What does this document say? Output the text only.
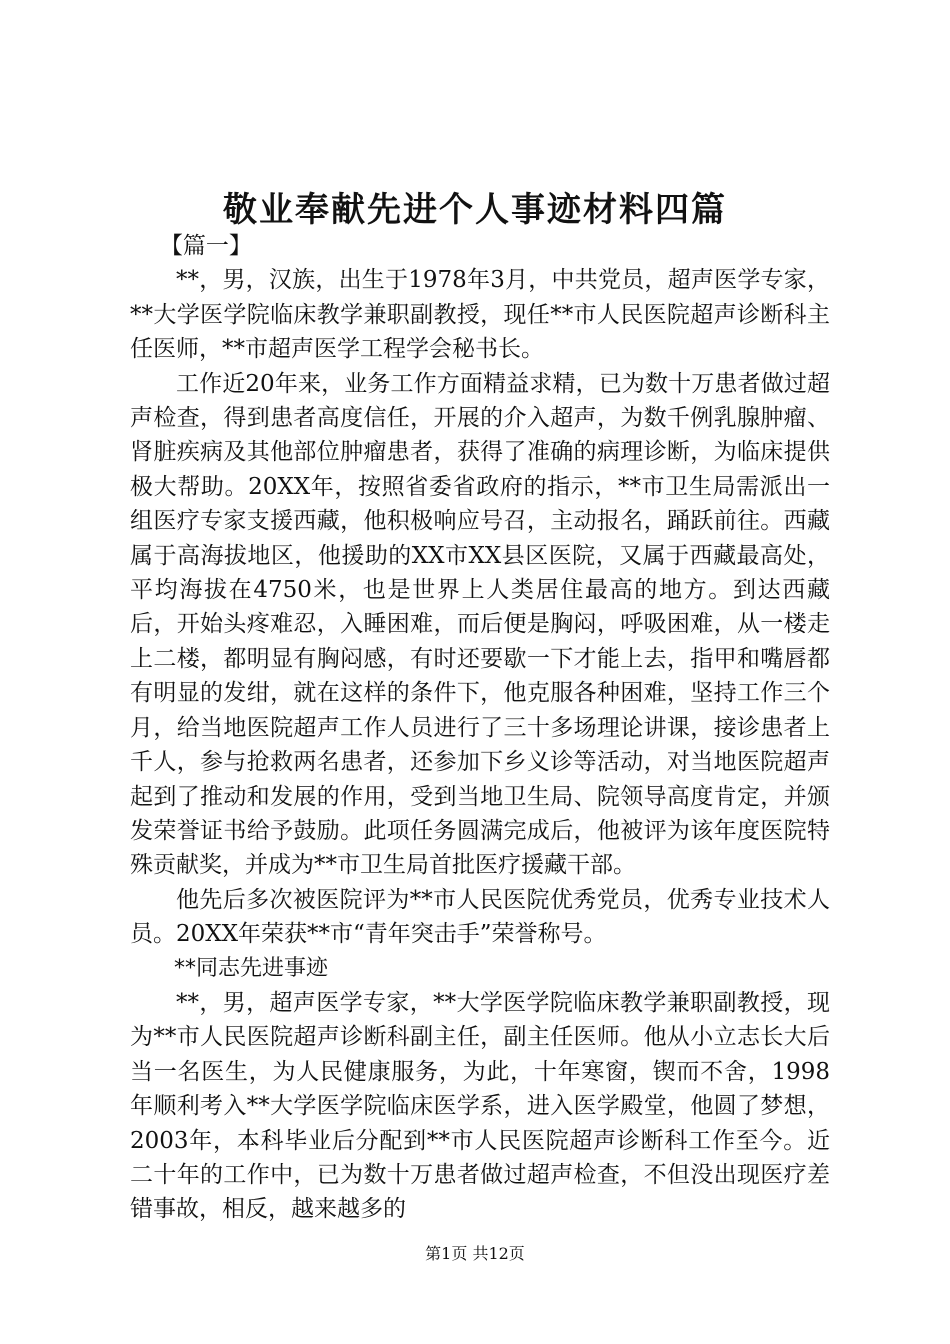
敬业奉献先进个人事迹材料四篇

【篇一】

**，男，汉族，出生于1978年3月，中共党员，超声医学专家，**大学医学院临床教学兼职副教授，现任**市人民医院超声诊断科主任医师，**市超声医学工程学会秘书长。

工作近20年来，业务工作方面精益求精，已为数十万患者做过超声检查，得到患者高度信任，开展的介入超声，为数千例乳腺肿瘤、肾脏疾病及其他部位肿瘤患者，获得了准确的病理诊断，为临床提供极大帮助。20XX年，按照省委省政府的指示，**市卫生局需派出一组医疗专家支援西藏，他积极响应号召，主动报名，踊跃前往。西藏属于高海拔地区，他援助的XX市XX县区医院，又属于西藏最高处，平均海拔在4750米，也是世界上人类居住最高的地方。到达西藏后，开始头疼难忍，入睡困难，而后便是胸闷，呼吸困难，从一楼走上二楼，都明显有胸闷感，有时还要歇一下才能上去，指甲和嘴唇都有明显的发绀，就在这样的条件下，他克服各种困难，坚持工作三个月，给当地医院超声工作人员进行了三十多场理论讲课，接诊患者上千人，参与抢救两名患者，还参加下乡义诊等活动，对当地医院超声起到了推动和发展的作用，受到当地卫生局、院领导高度肯定，并颁发荣誉证书给予鼓励。此项任务圆满完成后，他被评为该年度医院特殊贡献奖，并成为**市卫生局首批医疗援藏干部。

他先后多次被医院评为**市人民医院优秀党员，优秀专业技术人员。20XX年荣获**市“青年突击手”荣誉称号。

**同志先进事迹

**，男，超声医学专家，**大学医学院临床教学兼职副教授，现为**市人民医院超声诊断科副主任，副主任医师。他从小立志长大后当一名医生，为人民健康服务，为此，十年寒窗，锲而不舍，1998年顺利考入**大学医学院临床医学系，进入医学殿堂，他圆了梦想，2003年，本科毕业后分配到**市人民医院超声诊断科工作至今。近二十年的工作中，已为数十万患者做过超声检查，不但没出现医疗差错事故，相反，越来越多的

第1页 共12页
